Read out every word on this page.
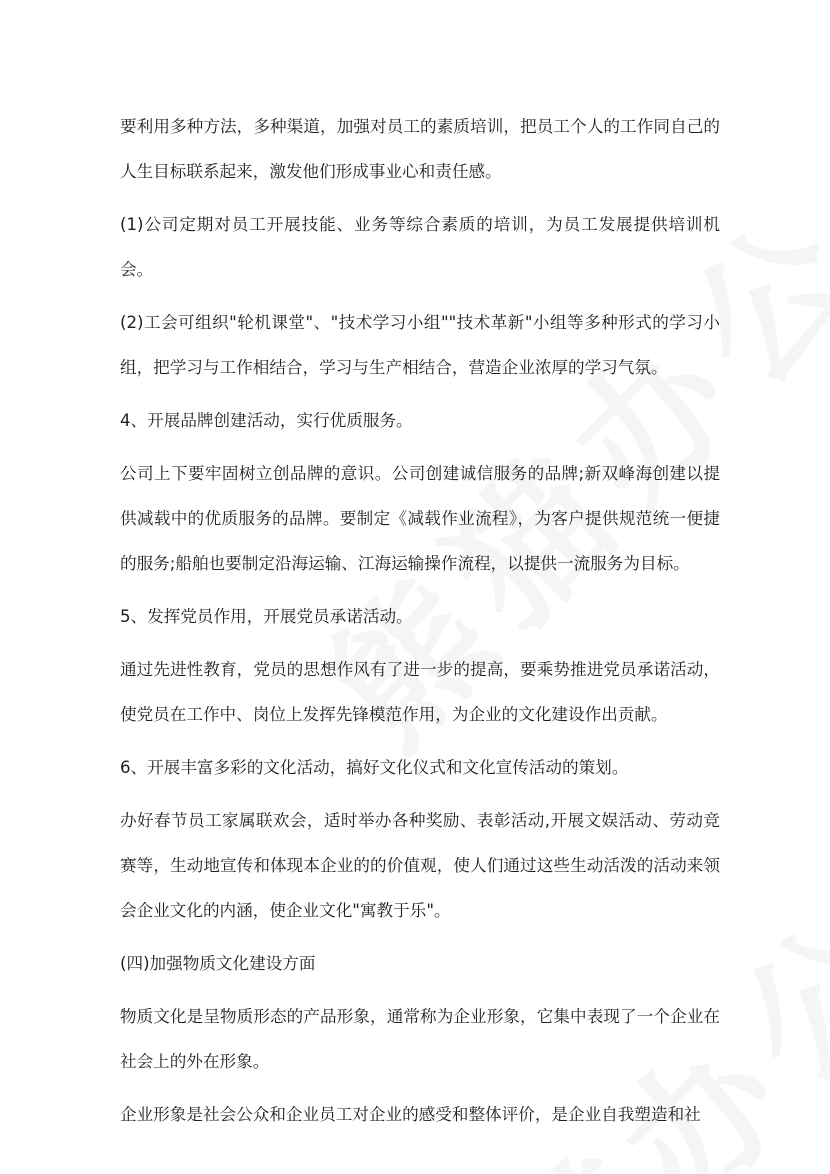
要利用多种方法，多种渠道，加强对员工的素质培训，把员工个人的工作同自己的人生目标联系起来，激发他们形成事业心和责任感。

(1)公司定期对员工开展技能、业务等综合素质的培训，为员工发展提供培训机会。

(2)工会可组织"轮机课堂"、"技术学习小组""技术革新"小组等多种形式的学习小组，把学习与工作相结合，学习与生产相结合，营造企业浓厚的学习气氛。

4、开展品牌创建活动，实行优质服务。

公司上下要牢固树立创品牌的意识。公司创建诚信服务的品牌;新双峰海创建以提供减载中的优质服务的品牌。要制定《减载作业流程》，为客户提供规范统一便捷的服务;船舶也要制定沿海运输、江海运输操作流程，以提供一流服务为目标。

5、发挥党员作用，开展党员承诺活动。

通过先进性教育，党员的思想作风有了进一步的提高，要乘势推进党员承诺活动，使党员在工作中、岗位上发挥先锋模范作用，为企业的文化建设作出贡献。

6、开展丰富多彩的文化活动，搞好文化仪式和文化宣传活动的策划。

办好春节员工家属联欢会，适时举办各种奖励、表彰活动,开展文娱活动、劳动竞赛等，生动地宣传和体现本企业的的价值观，使人们通过这些生动活泼的活动来领会企业文化的内涵，使企业文化"寓教于乐"。

(四)加强物质文化建设方面

物质文化是呈物质形态的产品形象，通常称为企业形象，它集中表现了一个企业在社会上的外在形象。

企业形象是社会公众和企业员工对企业的感受和整体评价，是企业自我塑造和社
